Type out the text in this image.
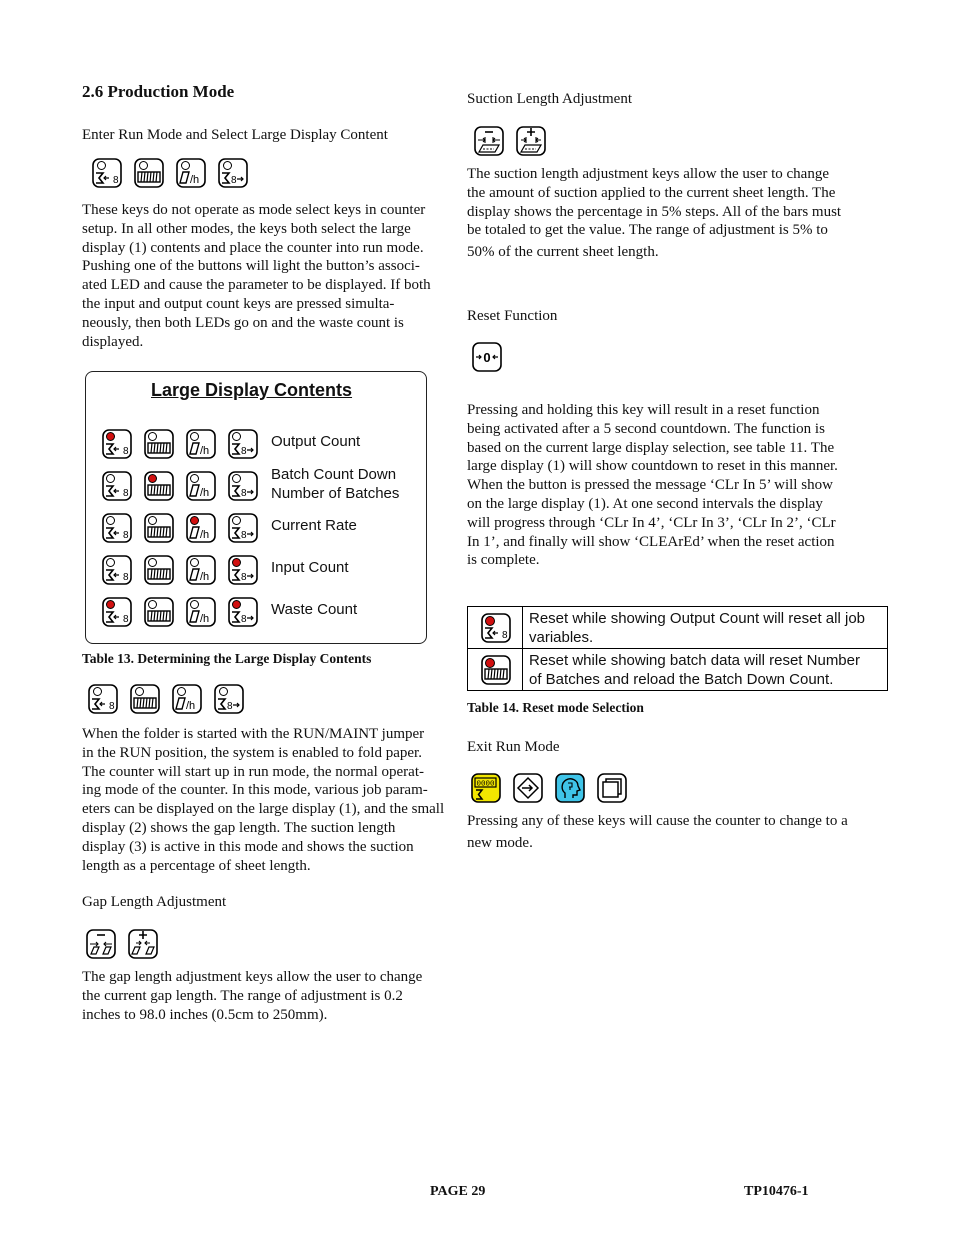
2.6 Production Mode
Enter Run Mode and Select Large Display Content
These keys do not operate as mode select keys in counter
setup. In all other modes, the keys both select the large
display (1) contents and place the counter into run mode.
Pushing one of the buttons will light the button’s associ-
ated LED and cause the parameter to be displayed. If both
the input and output count keys are pressed simulta-
neously, then both LEDs go on and the waste count is
displayed.
Large Display Contents
Output Count
Batch Count Down
Number of Batches
Current Rate
Input Count
Waste Count
Table 13. Determining the Large Display Contents
When the folder is started with the RUN/MAINT jumper
in the RUN position, the system is enabled to fold paper.
The counter will start up in run mode, the normal operat-
ing mode of the counter. In this mode, various job param-
eters can be displayed on the large display (1), and the small
display (2) shows the gap length. The suction length
display (3) is active in this mode and shows the suction
length as a percentage of sheet length.
Gap Length Adjustment
The gap length adjustment keys allow the user to change
the current gap length. The range of adjustment is 0.2
inches to 98.0 inches (0.5cm to 250mm).
Suction Length Adjustment
The suction length adjustment keys allow the user to change
the amount of suction applied to the current sheet length. The
display shows the percentage in 5% steps. All of the bars must
be totaled to get the value. The range of adjustment is 5% to
50% of the current sheet length.
Reset Function
0
Pressing and holding this key will result in a reset function
being activated after a 5 second countdown. The function is
based on the current large display selection, see table 11. The
large display (1) will show countdown to reset in this manner.
When the button is pressed the message ‘CLr In 5’ will show
on the large display (1). At one second intervals the display
will progress through ‘CLr In 4’, ‘CLr In 3’, ‘CLr In 2’, ‘CLr
In 1’, and finally will show ‘CLEArEd’ when the reset action
is complete.
Reset while showing Output Count will reset all job
variables.
Reset while showing batch data will reset Number
of Batches and reload the Batch Down Count.
Table 14. Reset mode Selection
Exit Run Mode
0000
Pressing any of these keys will cause the counter to change to a
new mode.
PAGE 29	TP10476-1
